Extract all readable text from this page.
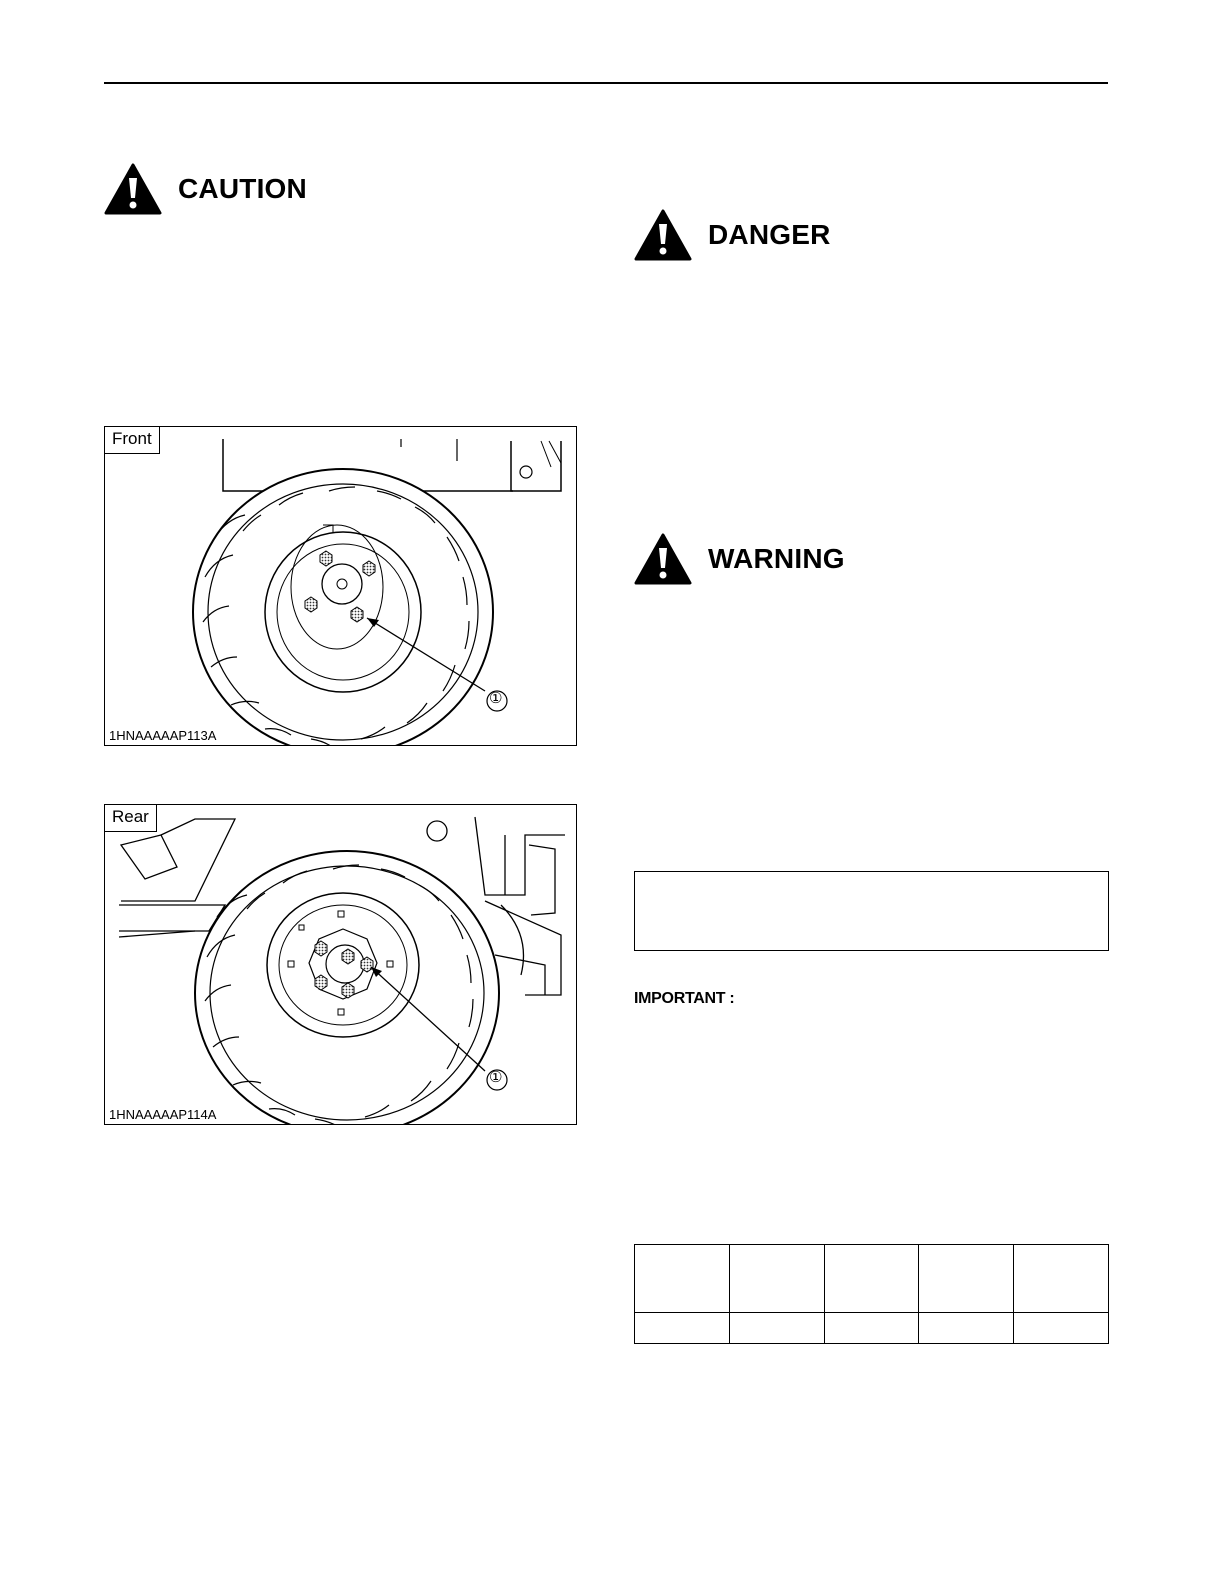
CAUTION
DANGER
WARNING
①
Front
1HNAAAAAP113A
①
Rear
1HNAAAAAP114A
IMPORTANT :
